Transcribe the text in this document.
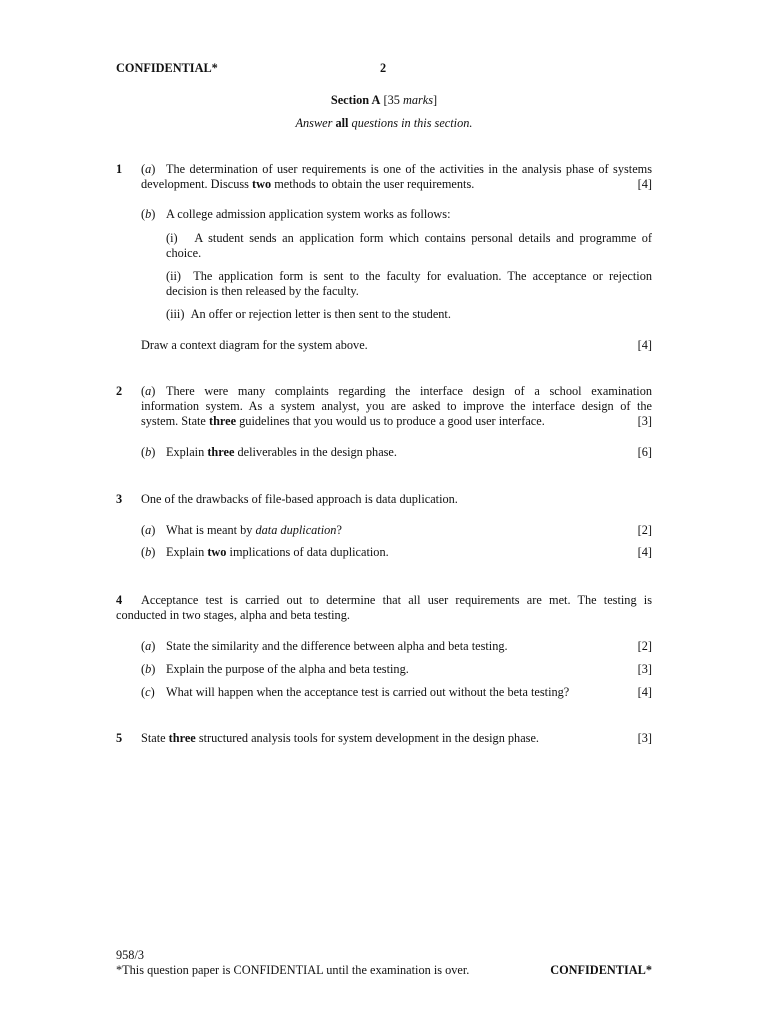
CONFIDENTIAL*	2
Section A [35 marks]
Answer all questions in this section.
1 (a) The determination of user requirements is one of the activities in the analysis phase of systems
development. Discuss two methods to obtain the user requirements.	[4]
(b) A college admission application system works as follows:
(i)   A student sends an application form which contains personal details and programme of
choice.
(ii)  The application form is sent to the faculty for evaluation. The acceptance or rejection
decision is then released by the faculty.
(iii)  An offer or rejection letter is then sent to the student.
Draw a context diagram for the system above.	[4]
2 (a) There were many complaints regarding the interface design of a school examination
information system. As a system analyst, you are asked to improve the interface design of the
system. State three guidelines that you would us to produce a good user interface.	[3]
(b) Explain three deliverables in the design phase.	[6]
3 One of the drawbacks of file-based approach is data duplication.
(a) What is meant by data duplication?	[2]
(b) Explain two implications of data duplication.	[4]
4 Acceptance test is carried out to determine that all user requirements are met. The testing is
conducted in two stages, alpha and beta testing.
(a) State the similarity and the difference between alpha and beta testing.	[2]
(b) Explain the purpose of the alpha and beta testing.	[3]
(c) What will happen when the acceptance test is carried out without the beta testing?	[4]
5 State three structured analysis tools for system development in the design phase.	[3]
958/3
*This question paper is CONFIDENTIAL until the examination is over.	CONFIDENTIAL*
